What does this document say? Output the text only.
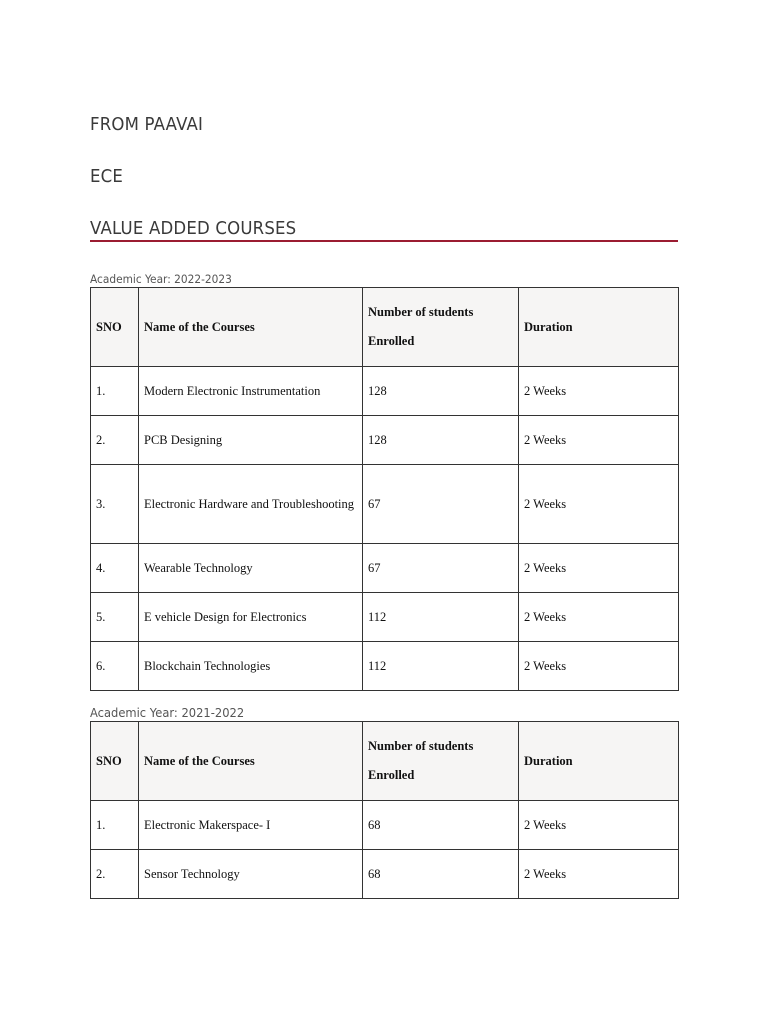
FROM PAAVAI
ECE
VALUE ADDED COURSES
Academic Year: 2022-2023
SNO	Name of the Courses	Number of students Enrolled	Duration
1.	Modern Electronic Instrumentation	128	2 Weeks
2.	PCB Designing	128	2 Weeks
3.	Electronic Hardware and Troubleshooting	67	2 Weeks
4.	Wearable Technology	67	2 Weeks
5.	E vehicle Design for Electronics	112	2 Weeks
6.	Blockchain Technologies	112	2 Weeks
Academic Year: 2021-2022
SNO	Name of the Courses	Number of students Enrolled	Duration
1.	Electronic Makerspace- I	68	2 Weeks
2.	Sensor Technology	68	2 Weeks
